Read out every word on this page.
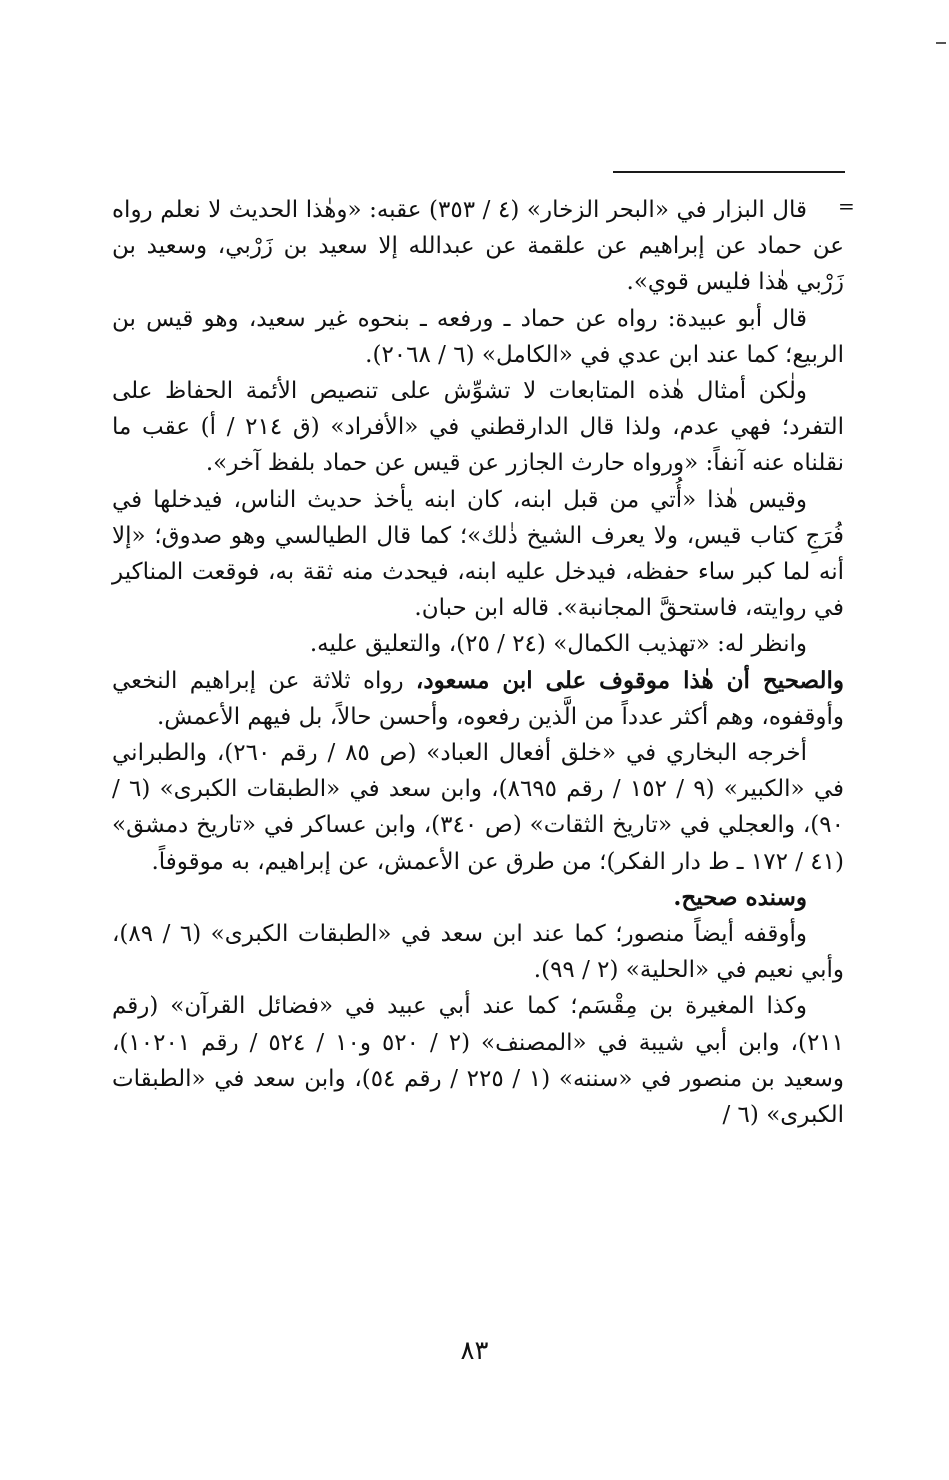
=

قال البزار في «البحر الزخار» (٤ / ٣٥٣) عقبه: «وهٰذا الحديث لا نعلم رواه عن حماد عن إبراهيم عن علقمة عن عبدالله إلا سعيد بن زَرْبي، وسعيد بن زَرْبي هٰذا فليس قوي».

قال أبو عبيدة: رواه عن حماد ـ ورفعه ـ بنحوه غير سعيد، وهو قيس بن الربيع؛ كما عند ابن عدي في «الكامل» (٦ / ٢٠٦٨).

ولٰكن أمثال هٰذه المتابعات لا تشوِّش على تنصيص الأئمة الحفاظ على التفرد؛ فهي عدم، ولذا قال الدارقطني في «الأفراد» (ق ٢١٤ / أ) عقب ما نقلناه عنه آنفاً: «ورواه حارث الجازر عن قيس عن حماد بلفظ آخر».

وقيس هٰذا «أُتي من قبل ابنه، كان ابنه يأخذ حديث الناس، فيدخلها في فُرَجِ كتاب قيس، ولا يعرف الشيخ ذٰلك»؛ كما قال الطيالسي وهو صدوق؛ «إلا أنه لما كبر ساء حفظه، فيدخل عليه ابنه، فيحدث منه ثقة به، فوقعت المناكير في روايته، فاستحقَّ المجانبة». قاله ابن حبان.

وانظر له: «تهذيب الكمال» (٢٤ / ٢٥)، والتعليق عليه.

والصحيح أن هٰذا موقوف على ابن مسعود، رواه ثلاثة عن إبراهيم النخعي وأوقفوه، وهم أكثر عدداً من الَّذين رفعوه، وأحسن حالاً، بل فيهم الأعمش.

أخرجه البخاري في «خلق أفعال العباد» (ص ٨٥ / رقم ٢٦٠)، والطبراني في «الكبير» (٩ / ١٥٢ / رقم ٨٦٩٥)، وابن سعد في «الطبقات الكبرى» (٦ / ٩٠)، والعجلي في «تاريخ الثقات» (ص ٣٤٠)، وابن عساكر في «تاريخ دمشق» (٤١ / ١٧٢ ـ ط دار الفكر)؛ من طرق عن الأعمش، عن إبراهيم، به موقوفاً.

وسنده صحيح.

وأوقفه أيضاً منصور؛ كما عند ابن سعد في «الطبقات الكبرى» (٦ / ٨٩)، وأبي نعيم في «الحلية» (٢ / ٩٩).

وكذا المغيرة بن مِقْسَم؛ كما عند أبي عبيد في «فضائل القرآن» (رقم ٢١١)، وابن أبي شيبة في «المصنف» (٢ / ٥٢٠ و١٠ / ٥٢٤ / رقم ١٠٢٠١)، وسعيد بن منصور في «سننه» (١ / ٢٢٥ / رقم ٥٤)، وابن سعد في «الطبقات الكبرى» (٦ /

٨٣
